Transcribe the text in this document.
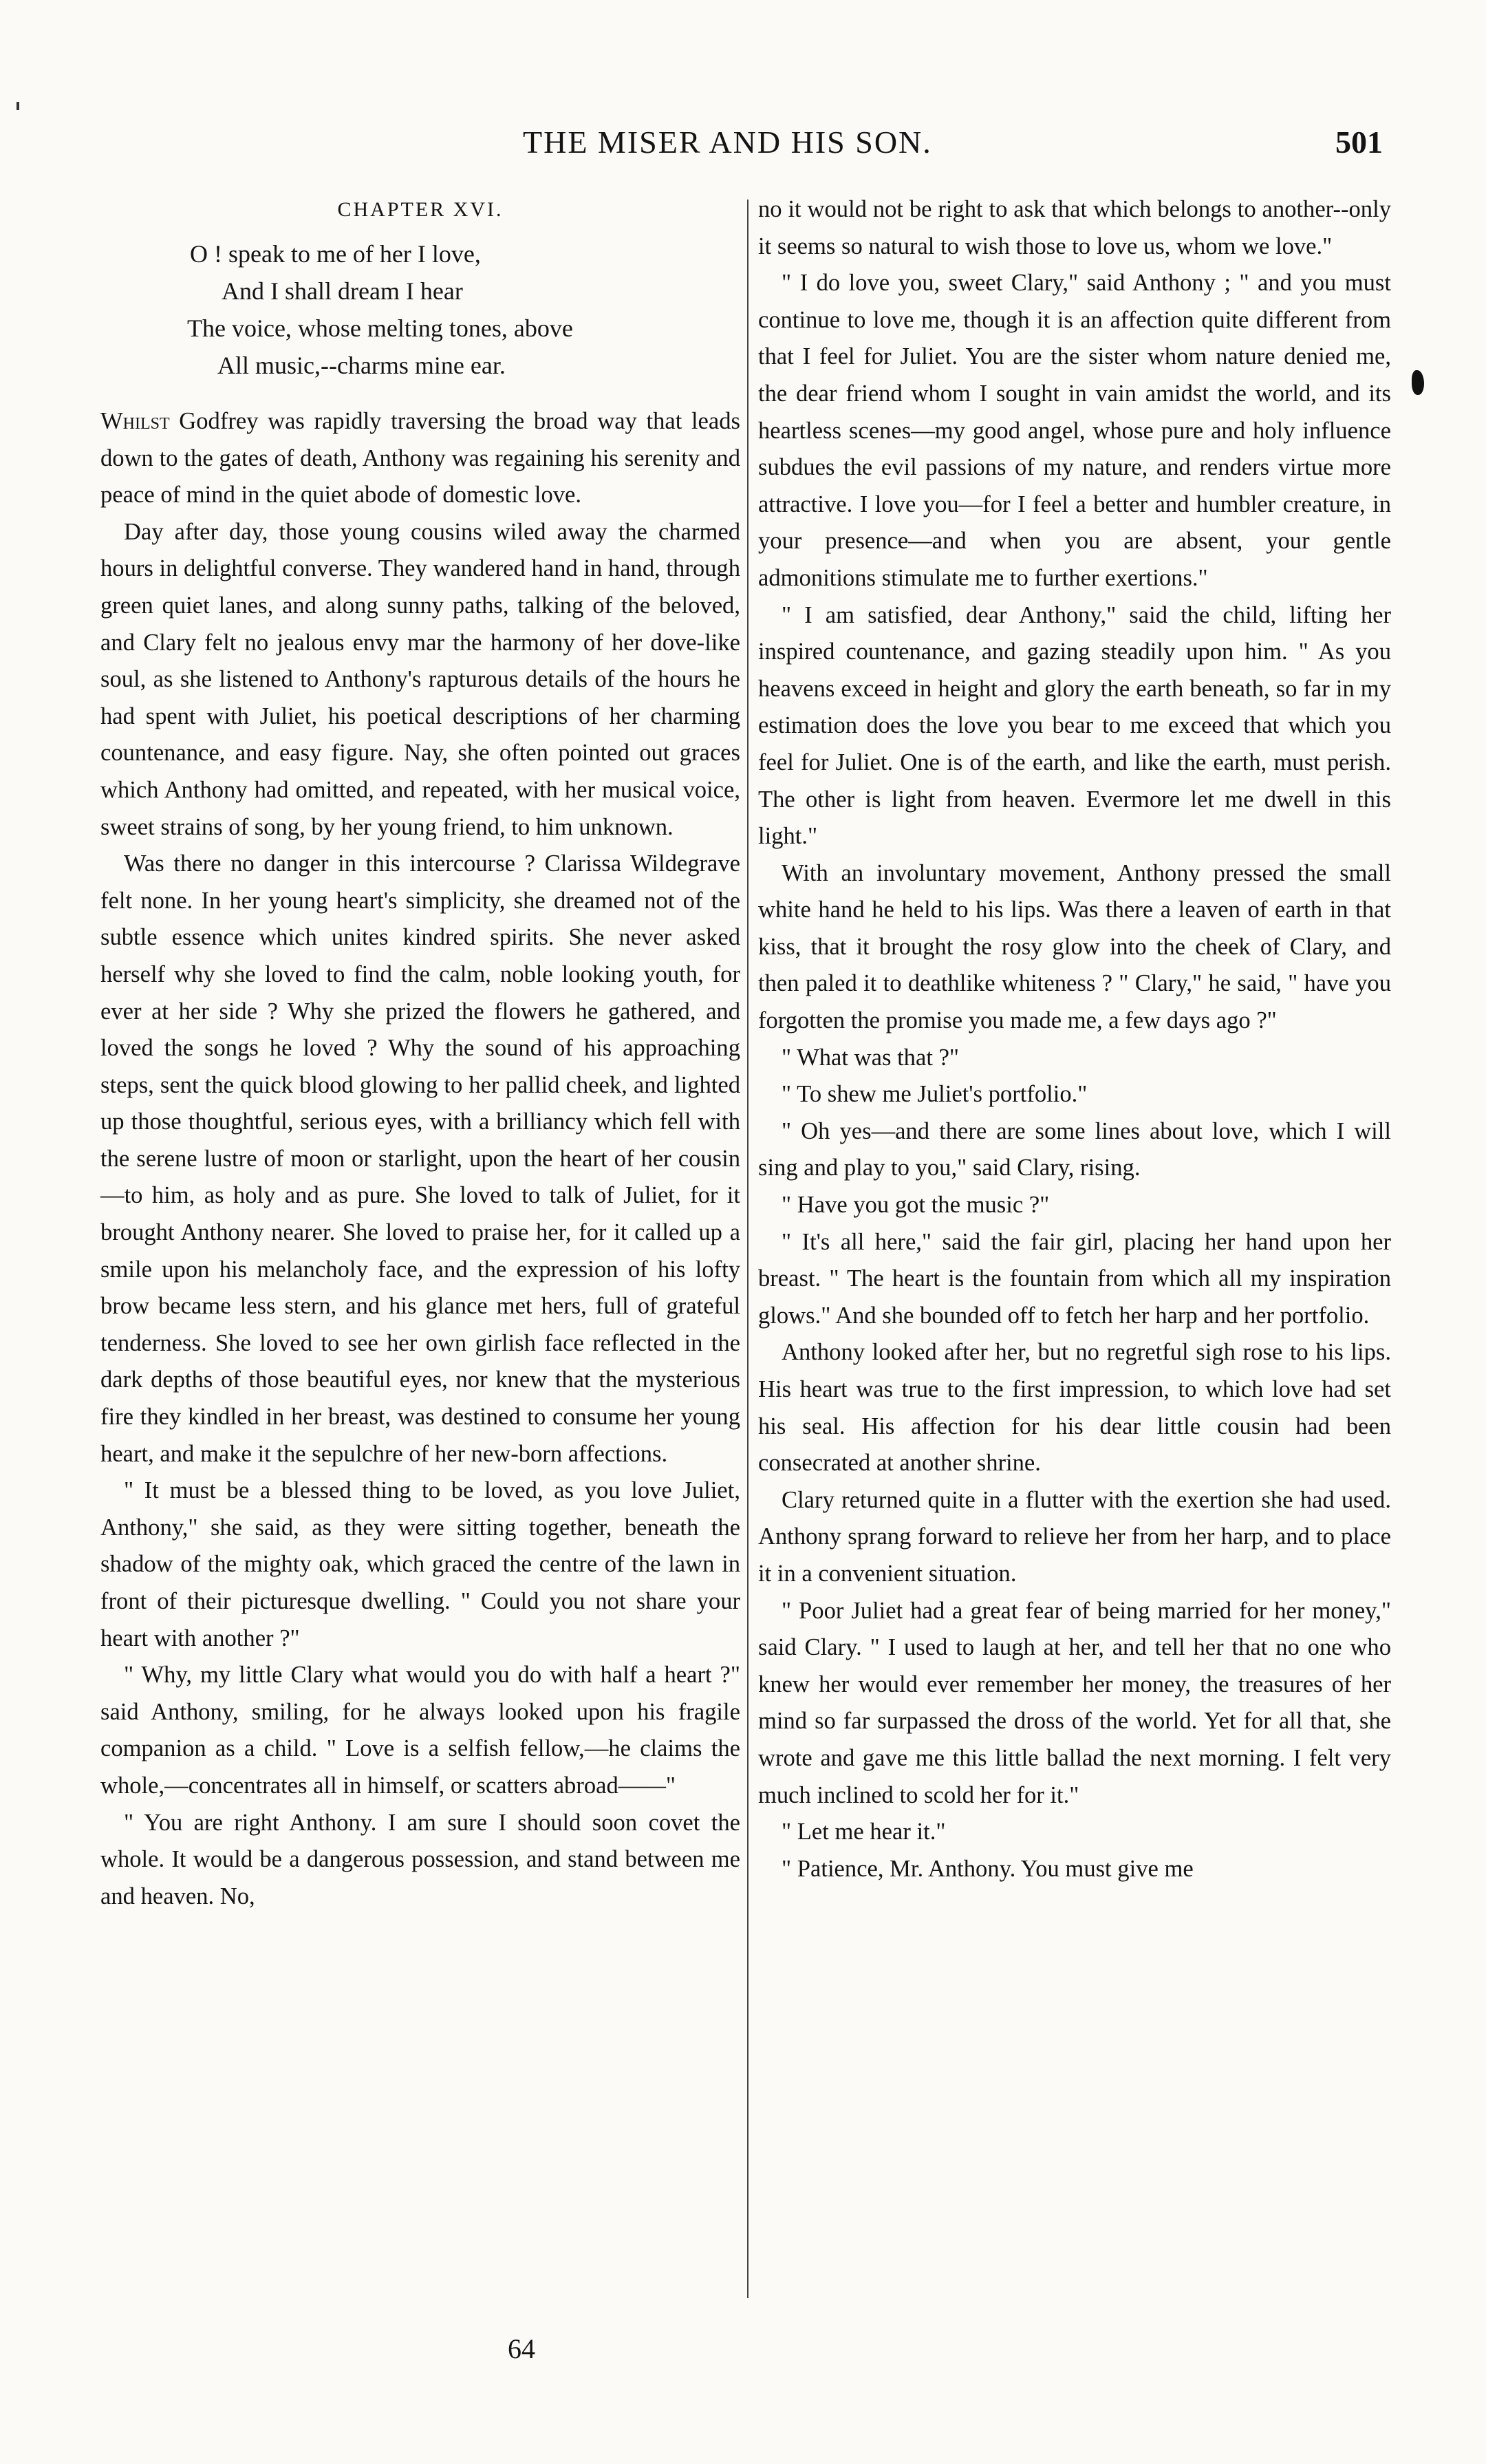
THE MISER AND HIS SON.	501
CHAPTER XVI.
O ! speak to me of her I love,
And I shall dream I hear
The voice, whose melting tones, above
All music,--charms mine ear.

Whilst Godfrey was rapidly traversing the broad way that leads down to the gates of death, Anthony was regaining his serenity and peace of mind in the quiet abode of domestic love.

Day after day, those young cousins wiled away the charmed hours in delightful converse. They wandered hand in hand, through green quiet lanes, and along sunny paths, talking of the beloved, and Clary felt no jealous envy mar the harmony of her dove-like soul, as she listened to Anthony's rapturous details of the hours he had spent with Juliet, his poetical descriptions of her charming countenance, and easy figure. Nay, she often pointed out graces which Anthony had omitted, and repeated, with her musical voice, sweet strains of song, by her young friend, to him unknown.

Was there no danger in this intercourse ? Clarissa Wildegrave felt none. In her young heart's simplicity, she dreamed not of the subtle essence which unites kindred spirits. She never asked herself why she loved to find the calm, noble looking youth, for ever at her side ? Why she prized the flowers he gathered, and loved the songs he loved ? Why the sound of his approaching steps, sent the quick blood glowing to her pallid cheek, and lighted up those thoughtful, serious eyes, with a brilliancy which fell with the serene lustre of moon or starlight, upon the heart of her cousin—to him, as holy and as pure. She loved to talk of Juliet, for it brought Anthony nearer. She loved to praise her, for it called up a smile upon his melancholy face, and the expression of his lofty brow became less stern, and his glance met hers, full of grateful tenderness. She loved to see her own girlish face reflected in the dark depths of those beautiful eyes, nor knew that the mysterious fire they kindled in her breast, was destined to consume her young heart, and make it the sepulchre of her new-born affections.

" It must be a blessed thing to be loved, as you love Juliet, Anthony," she said, as they were sitting together, beneath the shadow of the mighty oak, which graced the centre of the lawn in front of their picturesque dwelling. " Could you not share your heart with another ?"

" Why, my little Clary what would you do with half a heart ?" said Anthony, smiling, for he always looked upon his fragile companion as a child. " Love is a selfish fellow,—he claims the whole,—concentrates all in himself, or scatters abroad——"

" You are right Anthony. I am sure I should soon covet the whole. It would be a dangerous possession, and stand between me and heaven. No,

no it would not be right to ask that which belongs to another--only it seems so natural to wish those to love us, whom we love."

" I do love you, sweet Clary," said Anthony ; " and you must continue to love me, though it is an affection quite different from that I feel for Juliet. You are the sister whom nature denied me, the dear friend whom I sought in vain amidst the world, and its heartless scenes—my good angel, whose pure and holy influence subdues the evil passions of my nature, and renders virtue more attractive. I love you—for I feel a better and humbler creature, in your presence—and when you are absent, your gentle admonitions stimulate me to further exertions."

" I am satisfied, dear Anthony," said the child, lifting her inspired countenance, and gazing steadily upon him. " As you heavens exceed in height and glory the earth beneath, so far in my estimation does the love you bear to me exceed that which you feel for Juliet. One is of the earth, and like the earth, must perish. The other is light from heaven. Evermore let me dwell in this light."

With an involuntary movement, Anthony pressed the small white hand he held to his lips. Was there a leaven of earth in that kiss, that it brought the rosy glow into the cheek of Clary, and then paled it to deathlike whiteness ? " Clary," he said, " have you forgotten the promise you made me, a few days ago ?"

" What was that ?"

" To shew me Juliet's portfolio."

" Oh yes—and there are some lines about love, which I will sing and play to you," said Clary, rising.

" Have you got the music ?"

" It's all here," said the fair girl, placing her hand upon her breast. " The heart is the fountain from which all my inspiration glows." And she bounded off to fetch her harp and her portfolio.

Anthony looked after her, but no regretful sigh rose to his lips. His heart was true to the first impression, to which love had set his seal. His affection for his dear little cousin had been consecrated at another shrine.

Clary returned quite in a flutter with the exertion she had used. Anthony sprang forward to relieve her from her harp, and to place it in a convenient situation.

" Poor Juliet had a great fear of being married for her money," said Clary. " I used to laugh at her, and tell her that no one who knew her would ever remember her money, the treasures of her mind so far surpassed the dross of the world. Yet for all that, she wrote and gave me this little ballad the next morning. I felt very much inclined to scold her for it."

" Let me hear it."

" Patience, Mr. Anthony. You must give me

64
